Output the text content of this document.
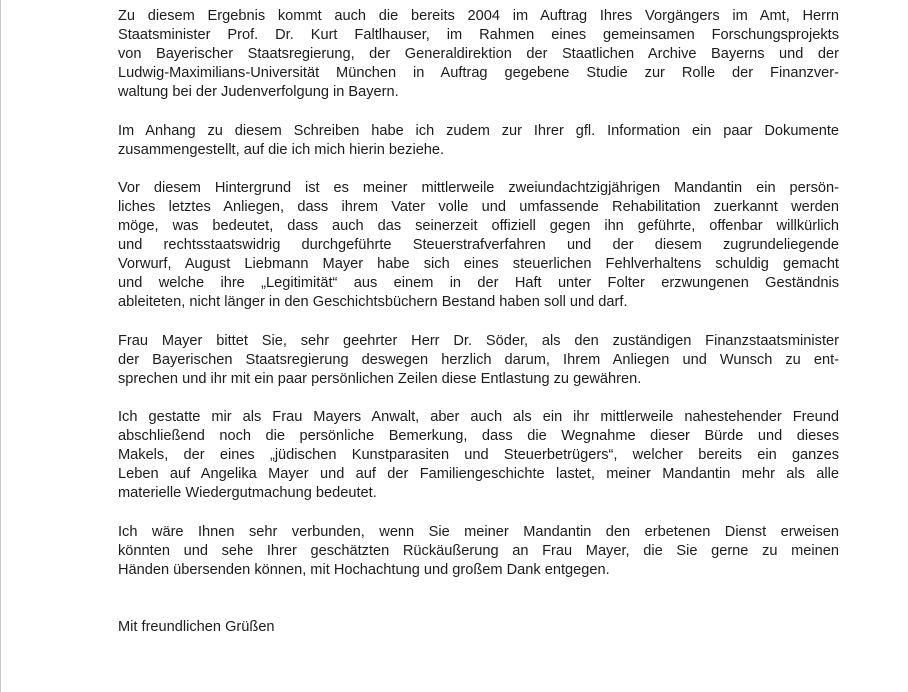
Zu diesem Ergebnis kommt auch die bereits 2004 im Auftrag Ihres Vorgängers im Amt, Herrn
Staatsminister Prof. Dr. Kurt Faltlhauser, im Rahmen eines gemeinsamen Forschungsprojekts
von Bayerischer Staatsregierung, der Generaldirektion der Staatlichen Archive Bayerns und der
Ludwig-Maximilians-Universität München in Auftrag gegebene Studie zur Rolle der Finanzver-
waltung bei der Judenverfolgung in Bayern.
Im Anhang zu diesem Schreiben habe ich zudem zur Ihrer gfl. Information ein paar Dokumente
zusammengestellt, auf die ich mich hierin beziehe.
Vor diesem Hintergrund ist es meiner mittlerweile zweiundachtzigjährigen Mandantin ein persön-
liches letztes Anliegen, dass ihrem Vater volle und umfassende Rehabilitation zuerkannt werden
möge, was bedeutet, dass auch das seinerzeit offiziell gegen ihn geführte, offenbar willkürlich
und rechtsstaatswidrig durchgeführte Steuerstrafverfahren und der diesem zugrundeliegende
Vorwurf, August Liebmann Mayer habe sich eines steuerlichen Fehlverhaltens schuldig gemacht
und welche ihre „Legitimität“ aus einem in der Haft unter Folter erzwungenen Geständnis
ableiteten, nicht länger in den Geschichtsbüchern Bestand haben soll und darf.
Frau Mayer bittet Sie, sehr geehrter Herr Dr. Söder, als den zuständigen Finanzstaatsminister
der Bayerischen Staatsregierung deswegen herzlich darum, Ihrem Anliegen und Wunsch zu ent-
sprechen und ihr mit ein paar persönlichen Zeilen diese Entlastung zu gewähren.
Ich gestatte mir als Frau Mayers Anwalt, aber auch als ein ihr mittlerweile nahestehender Freund
abschließend noch die persönliche Bemerkung, dass die Wegnahme dieser Bürde und dieses
Makels, der eines „jüdischen Kunstparasiten und Steuerbetrügers“, welcher bereits ein ganzes
Leben auf Angelika Mayer und auf der Familiengeschichte lastet, meiner Mandantin mehr als alle
materielle Wiedergutmachung bedeutet.
Ich wäre Ihnen sehr verbunden, wenn Sie meiner Mandantin den erbetenen Dienst erweisen
könnten und sehe Ihrer geschätzten Rückäußerung an Frau Mayer, die Sie gerne zu meinen
Händen übersenden können, mit Hochachtung und großem Dank entgegen.
Mit freundlichen Grüßen
